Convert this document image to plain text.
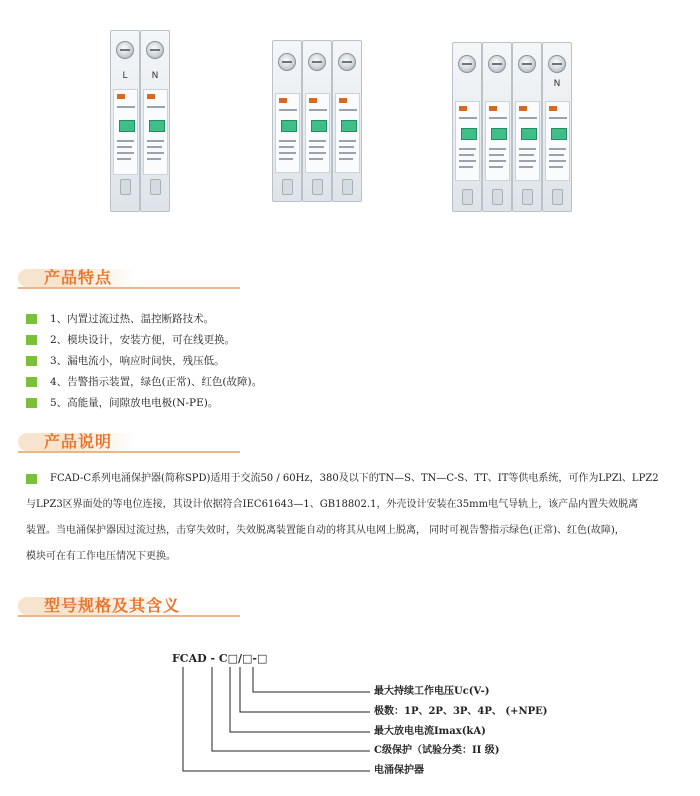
L	N
N
产品特点
1、内置过流过热、温控断路技术。
2、模块设计，安装方便，可在线更换。
3、漏电流小，响应时间快，残压低。
4、告警指示装置，绿色(正常)、红色(故障)。
5、高能量，间隙放电电极(N-PE)。
产品说明
FCAD-C系列电涌保护器(简称SPD)适用于交流50 / 60Hz，380及以下的TN—S、TN—C-S、TT、IT等供电系统，可作为LPZl、LPZ2
与LPZ3区界面处的等电位连接，其设计依据符合IEC61643—1、GB18802.1，外壳设计安装在35mm电气导轨上，该产品内置失效脱离
装置。当电涌保护器因过流过热，击穿失效时，失效脱离装置能自动的将其从电网上脱离， 同时可视告警指示绿色(正常)、红色(故障)，
模块可在有工作电压情况下更换。
型号规格及其含义
FCAD - C□/□-□
最大持续工作电压Uc(V-)
极数：1P、2P、3P、4P、 (+NPE)
最大放电电流Imax(kA)
C级保护（试验分类：II 级)
电涌保护器
